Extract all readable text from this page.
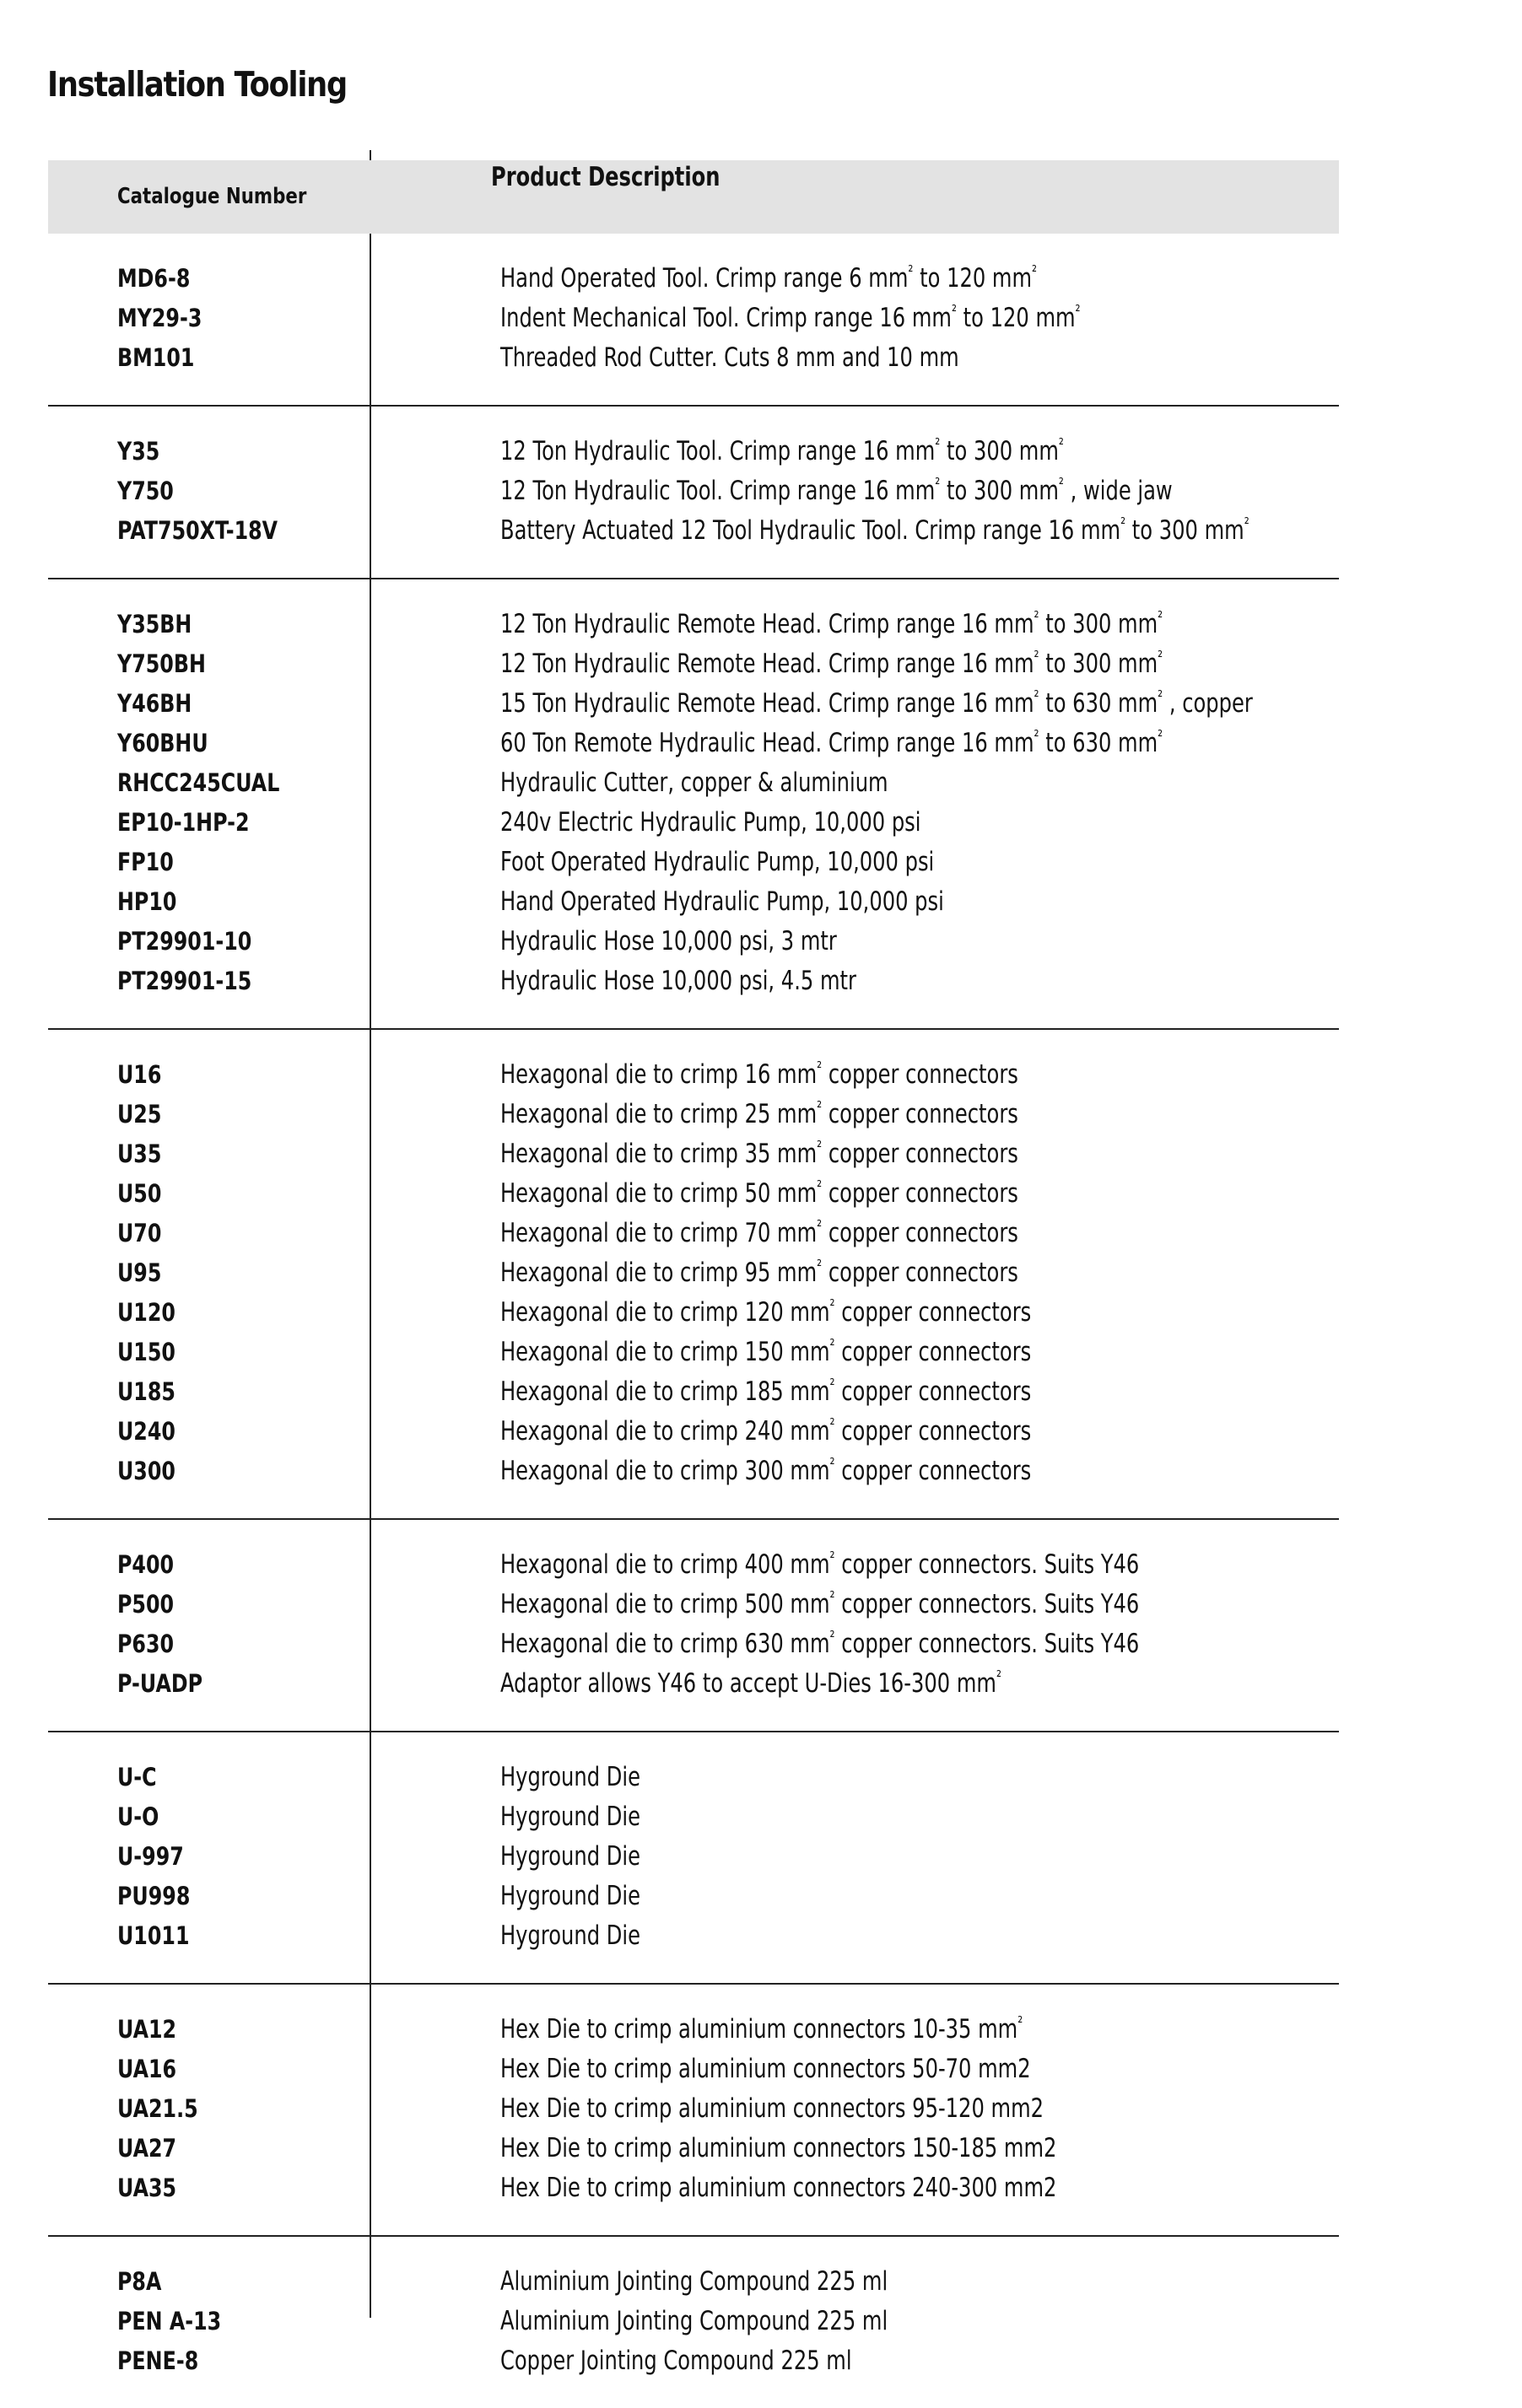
Installation Tooling
Catalogue Number
Product Description
MD6-8	Hand Operated Tool. Crimp range 6 $mm^{^2}$ to 120 $mm^{^2}$
MY29-3	Indent Mechanical Tool. Crimp range 16 $mm^{^2}$ to 120 $mm^{^2}$
BM101	Threaded Rod Cutter. Cuts 8 mm and 10 mm
Y35	12 Ton Hydraulic Tool. Crimp range 16 $mm^{^2}$ to 300 $mm^{^2}$
Y750	12 Ton Hydraulic Tool. Crimp range 16 $mm^{^2}$ to 300 $mm^{^2}$ , wide jaw
PAT750XT-18V	Battery Actuated 12 Tool Hydraulic Tool. Crimp range 16 $mm^{^2}$ to 300 $mm^{^2}$
Y35BH	12 Ton Hydraulic Remote Head. Crimp range 16 $mm^{^2}$ to 300 $mm^{^2}$
Y750BH	12 Ton Hydraulic Remote Head. Crimp range 16 $mm^{^2}$ to 300 $mm^{^2}$
Y46BH	15 Ton Hydraulic Remote Head. Crimp range 16 $mm^{^2}$ to 630 $mm^{^2}$ , copper
Y60BHU	60 Ton Remote Hydraulic Head. Crimp range 16 $mm^{^2}$ to 630 $mm^{^2}$
RHCC245CUAL	Hydraulic Cutter, copper & aluminium
EP10-1HP-2	240v Electric Hydraulic Pump, 10,000 psi
FP10	Foot Operated Hydraulic Pump, 10,000 psi
HP10	Hand Operated Hydraulic Pump, 10,000 psi
PT29901-10	Hydraulic Hose 10,000 psi, 3 mtr
PT29901-15	Hydraulic Hose 10,000 psi, 4.5 mtr
U16	Hexagonal die to crimp 16 $mm^{^2}$ copper connectors
U25	Hexagonal die to crimp 25 $mm^{^2}$ copper connectors
U35	Hexagonal die to crimp 35 $mm^{^2}$ copper connectors
U50	Hexagonal die to crimp 50 $mm^{^2}$ copper connectors
U70	Hexagonal die to crimp 70 $mm^{^2}$ copper connectors
U95	Hexagonal die to crimp 95 $mm^{^2}$ copper connectors
U120	Hexagonal die to crimp 120 $mm^{^2}$ copper connectors
U150	Hexagonal die to crimp 150 $mm^{^2}$ copper connectors
U185	Hexagonal die to crimp 185 $mm^{^2}$ copper connectors
U240	Hexagonal die to crimp 240 $mm^{^2}$ copper connectors
U300	Hexagonal die to crimp 300 $mm^{^2}$ copper connectors
P400	Hexagonal die to crimp 400 $mm^{^2}$ copper connectors. Suits Y46
P500	Hexagonal die to crimp 500 $mm^{^2}$ copper connectors. Suits Y46
P630	Hexagonal die to crimp 630 $mm^{^2}$ copper connectors. Suits Y46
P-UADP	Adaptor allows Y46 to accept U-Dies 16-300 $mm^{^2}$
U-C	Hyground Die
U-O	Hyground Die
U-997	Hyground Die
PU998	Hyground Die
U1011	Hyground Die
UA12	Hex Die to crimp aluminium connectors 10-35 $mm^{^2}$
UA16	Hex Die to crimp aluminium connectors 50-70 mm2
UA21.5	Hex Die to crimp aluminium connectors 95-120 mm2
UA27	Hex Die to crimp aluminium connectors 150-185 mm2
UA35	Hex Die to crimp aluminium connectors 240-300 mm2
P8A	Aluminium Jointing Compound 225 ml
PEN A-13	Aluminium Jointing Compound 225 ml
PENE-8	Copper Jointing Compound 225 ml
